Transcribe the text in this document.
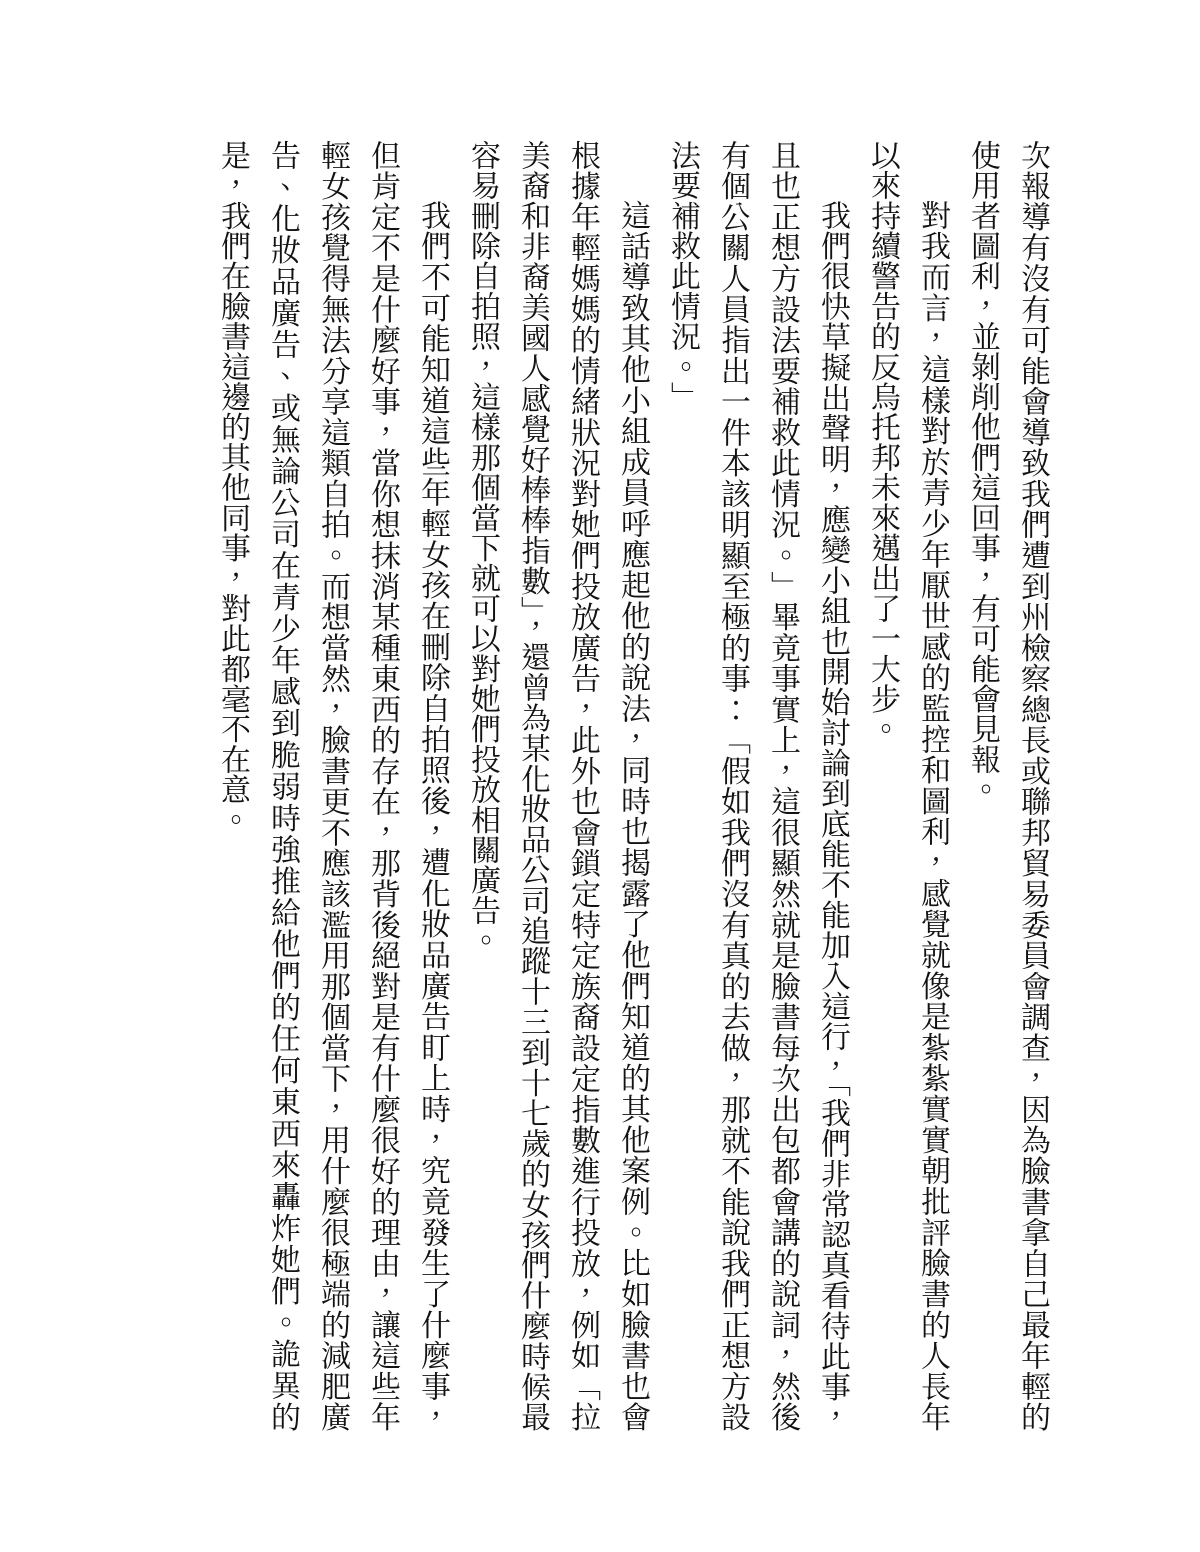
次報導有沒有可能會導致我們遭到州檢察總長或聯邦貿易委員會調查，因為臉書拿自己最年輕的使用者圖利，並剝削他們這回事，有可能會見報。

對我而言，這樣對於青少年厭世感的監控和圖利，感覺就像是紮紮實實朝批評臉書的人長年以來持續警告的反烏托邦未來邁出了一大步。

我們很快草擬出聲明，應變小組也開始討論到底能不能加入這行，「我們非常認真看待此事，且也正想方設法要補救此情況。」畢竟事實上，這很顯然就是臉書每次出包都會講的說詞，然後有個公關人員指出一件本該明顯至極的事：「假如我們沒有真的去做，那就不能說我們正想方設法要補救此情況。」

這話導致其他小組成員呼應起他的說法，同時也揭露了他們知道的其他案例。比如臉書也會根據年輕媽媽的情緒狀況對她們投放廣告，此外也會鎖定特定族裔設定指數進行投放，例如「拉美裔和非裔美國人感覺好棒棒指數」，還曾為某化妝品公司追蹤十三到十七歲的女孩們什麼時候最容易刪除自拍照，這樣那個當下就可以對她們投放相關廣告。

我們不可能知道這些年輕女孩在刪除自拍照後，遭化妝品廣告盯上時，究竟發生了什麼事，但肯定不是什麼好事，當你想抹消某種東西的存在，那背後絕對是有什麼很好的理由，讓這些年輕女孩覺得無法分享這類自拍。而想當然，臉書更不應該濫用那個當下，用什麼很極端的減肥廣告、化妝品廣告、或無論公司在青少年感到脆弱時強推給他們的任何東西來轟炸她們。詭異的是，我們在臉書這邊的其他同事，對此都毫不在意。
